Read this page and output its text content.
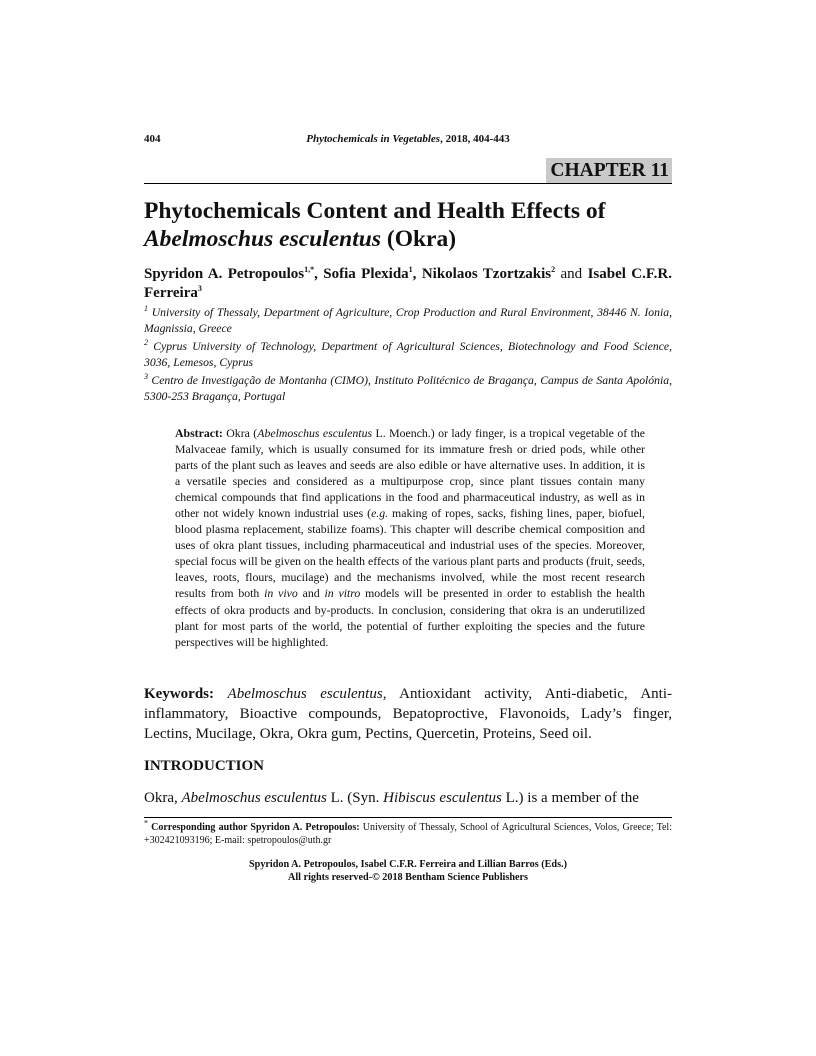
404	Phytochemicals in Vegetables, 2018, 404-443
CHAPTER 11
Phytochemicals Content and Health Effects of
Abelmoschus esculentus (Okra)
Spyridon A. Petropoulos$^{1,*}$, Sofia Plexida$^1$, Nikolaos Tzortzakis$^2$ and Isabel C.F.R. Ferreira$^3$
$^1$ University of Thessaly, Department of Agriculture, Crop Production and Rural Environment, 38446 N. Ionia, Magnissia, Greece
$^2$ Cyprus University of Technology, Department of Agricultural Sciences, Biotechnology and Food Science, 3036, Lemesos, Cyprus
$^3$ Centro de Investigação de Montanha (CIMO), Instituto Politécnico de Bragança, Campus de Santa Apolónia, 5300-253 Bragança, Portugal
Abstract: Okra (Abelmoschus esculentus L. Moench.) or lady finger, is a tropical vegetable of the Malvaceae family, which is usually consumed for its immature fresh or dried pods, while other parts of the plant such as leaves and seeds are also edible or have alternative uses. In addition, it is a versatile species and considered as a multipurpose crop, since plant tissues contain many chemical compounds that find applications in the food and pharmaceutical industry, as well as in other not widely known industrial uses (e.g. making of ropes, sacks, fishing lines, paper, biofuel, blood plasma replacement, stabilize foams). This chapter will describe chemical composition and uses of okra plant tissues, including pharmaceutical and industrial uses of the species. Moreover, special focus will be given on the health effects of the various plant parts and products (fruit, seeds, leaves, roots, flours, mucilage) and the mechanisms involved, while the most recent research results from both in vivo and in vitro models will be presented in order to establish the health effects of okra products and by-products. In conclusion, considering that okra is an underutilized plant for most parts of the world, the potential of further exploiting the species and the future perspectives will be highlighted.
Keywords: Abelmoschus esculentus, Antioxidant activity, Anti-diabetic, Anti-inflammatory, Bioactive compounds, Bepatoproctive, Flavonoids, Lady’s finger, Lectins, Mucilage, Okra, Okra gum, Pectins, Quercetin, Proteins, Seed oil.
INTRODUCTION
Okra, Abelmoschus esculentus L. (Syn. Hibiscus esculentus L.) is a member of the
* Corresponding author Spyridon A. Petropoulos: University of Thessaly, School of Agricultural Sciences, Volos, Greece; Tel: +302421093196; E-mail: spetropoulos@uth.gr
Spyridon A. Petropoulos, Isabel C.F.R. Ferreira and Lillian Barros (Eds.)
All rights reserved-© 2018 Bentham Science Publishers
